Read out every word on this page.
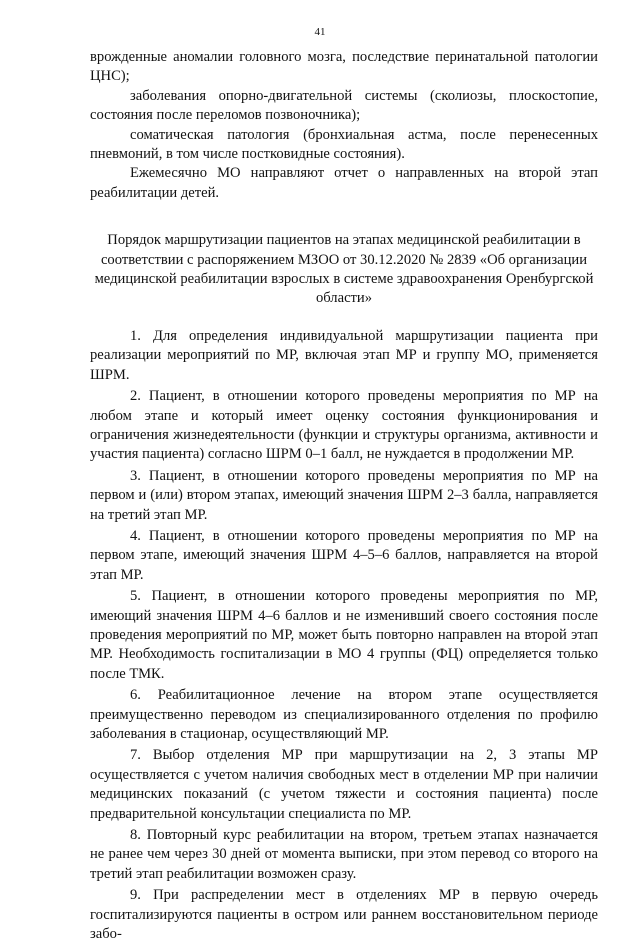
41

врожденные аномалии головного мозга, последствие перинатальной патологии ЦНС);

заболевания опорно-двигательной системы (сколиозы, плоскостопие, состояния после переломов позвоночника);

соматическая патология (бронхиальная астма, после перенесенных пневмоний, в том числе постковидные состояния).

Ежемесячно МО направляют отчет о направленных на второй этап реабилитации детей.

Порядок маршрутизации пациентов на этапах медицинской реабилитации в соответствии с распоряжением МЗОО от 30.12.2020 № 2839 «Об организации медицинской реабилитации взрослых в системе здравоохранения Оренбургской области»

1. Для определения индивидуальной маршрутизации пациента при реализации мероприятий по МР, включая этап МР и группу МО, применяется ШРМ.

2. Пациент, в отношении которого проведены мероприятия по МР на любом этапе и который имеет оценку состояния функционирования и ограничения жизнедеятельности (функции и структуры организма, активности и участия пациента) согласно ШРМ 0–1 балл, не нуждается в продолжении МР.

3. Пациент, в отношении которого проведены мероприятия по МР на первом и (или) втором этапах, имеющий значения ШРМ 2–3 балла, направляется на третий этап МР.

4. Пациент, в отношении которого проведены мероприятия по МР на первом этапе, имеющий значения ШРМ 4–5–6 баллов, направляется на второй этап МР.

5. Пациент, в отношении которого проведены мероприятия по МР, имеющий значения ШРМ 4–6 баллов и не изменивший своего состояния после проведения мероприятий по МР, может быть повторно направлен на второй этап МР. Необходимость госпитализации в МО 4 группы (ФЦ) определяется только после ТМК.

6. Реабилитационное лечение на втором этапе осуществляется преимущественно переводом из специализированного отделения по профилю заболевания в стационар, осуществляющий МР.

7. Выбор отделения МР при маршрутизации на 2, 3 этапы МР осуществляется с учетом наличия свободных мест в отделении МР при наличии медицинских показаний (с учетом тяжести и состояния пациента) после предварительной консультации специалиста по МР.

8. Повторный курс реабилитации на втором, третьем этапах назначается не ранее чем через 30 дней от момента выписки, при этом перевод со второго на третий этап реабилитации возможен сразу.

9. При распределении мест в отделениях МР в первую очередь госпитализируются пациенты в остром или раннем восстановительном периоде забо-
